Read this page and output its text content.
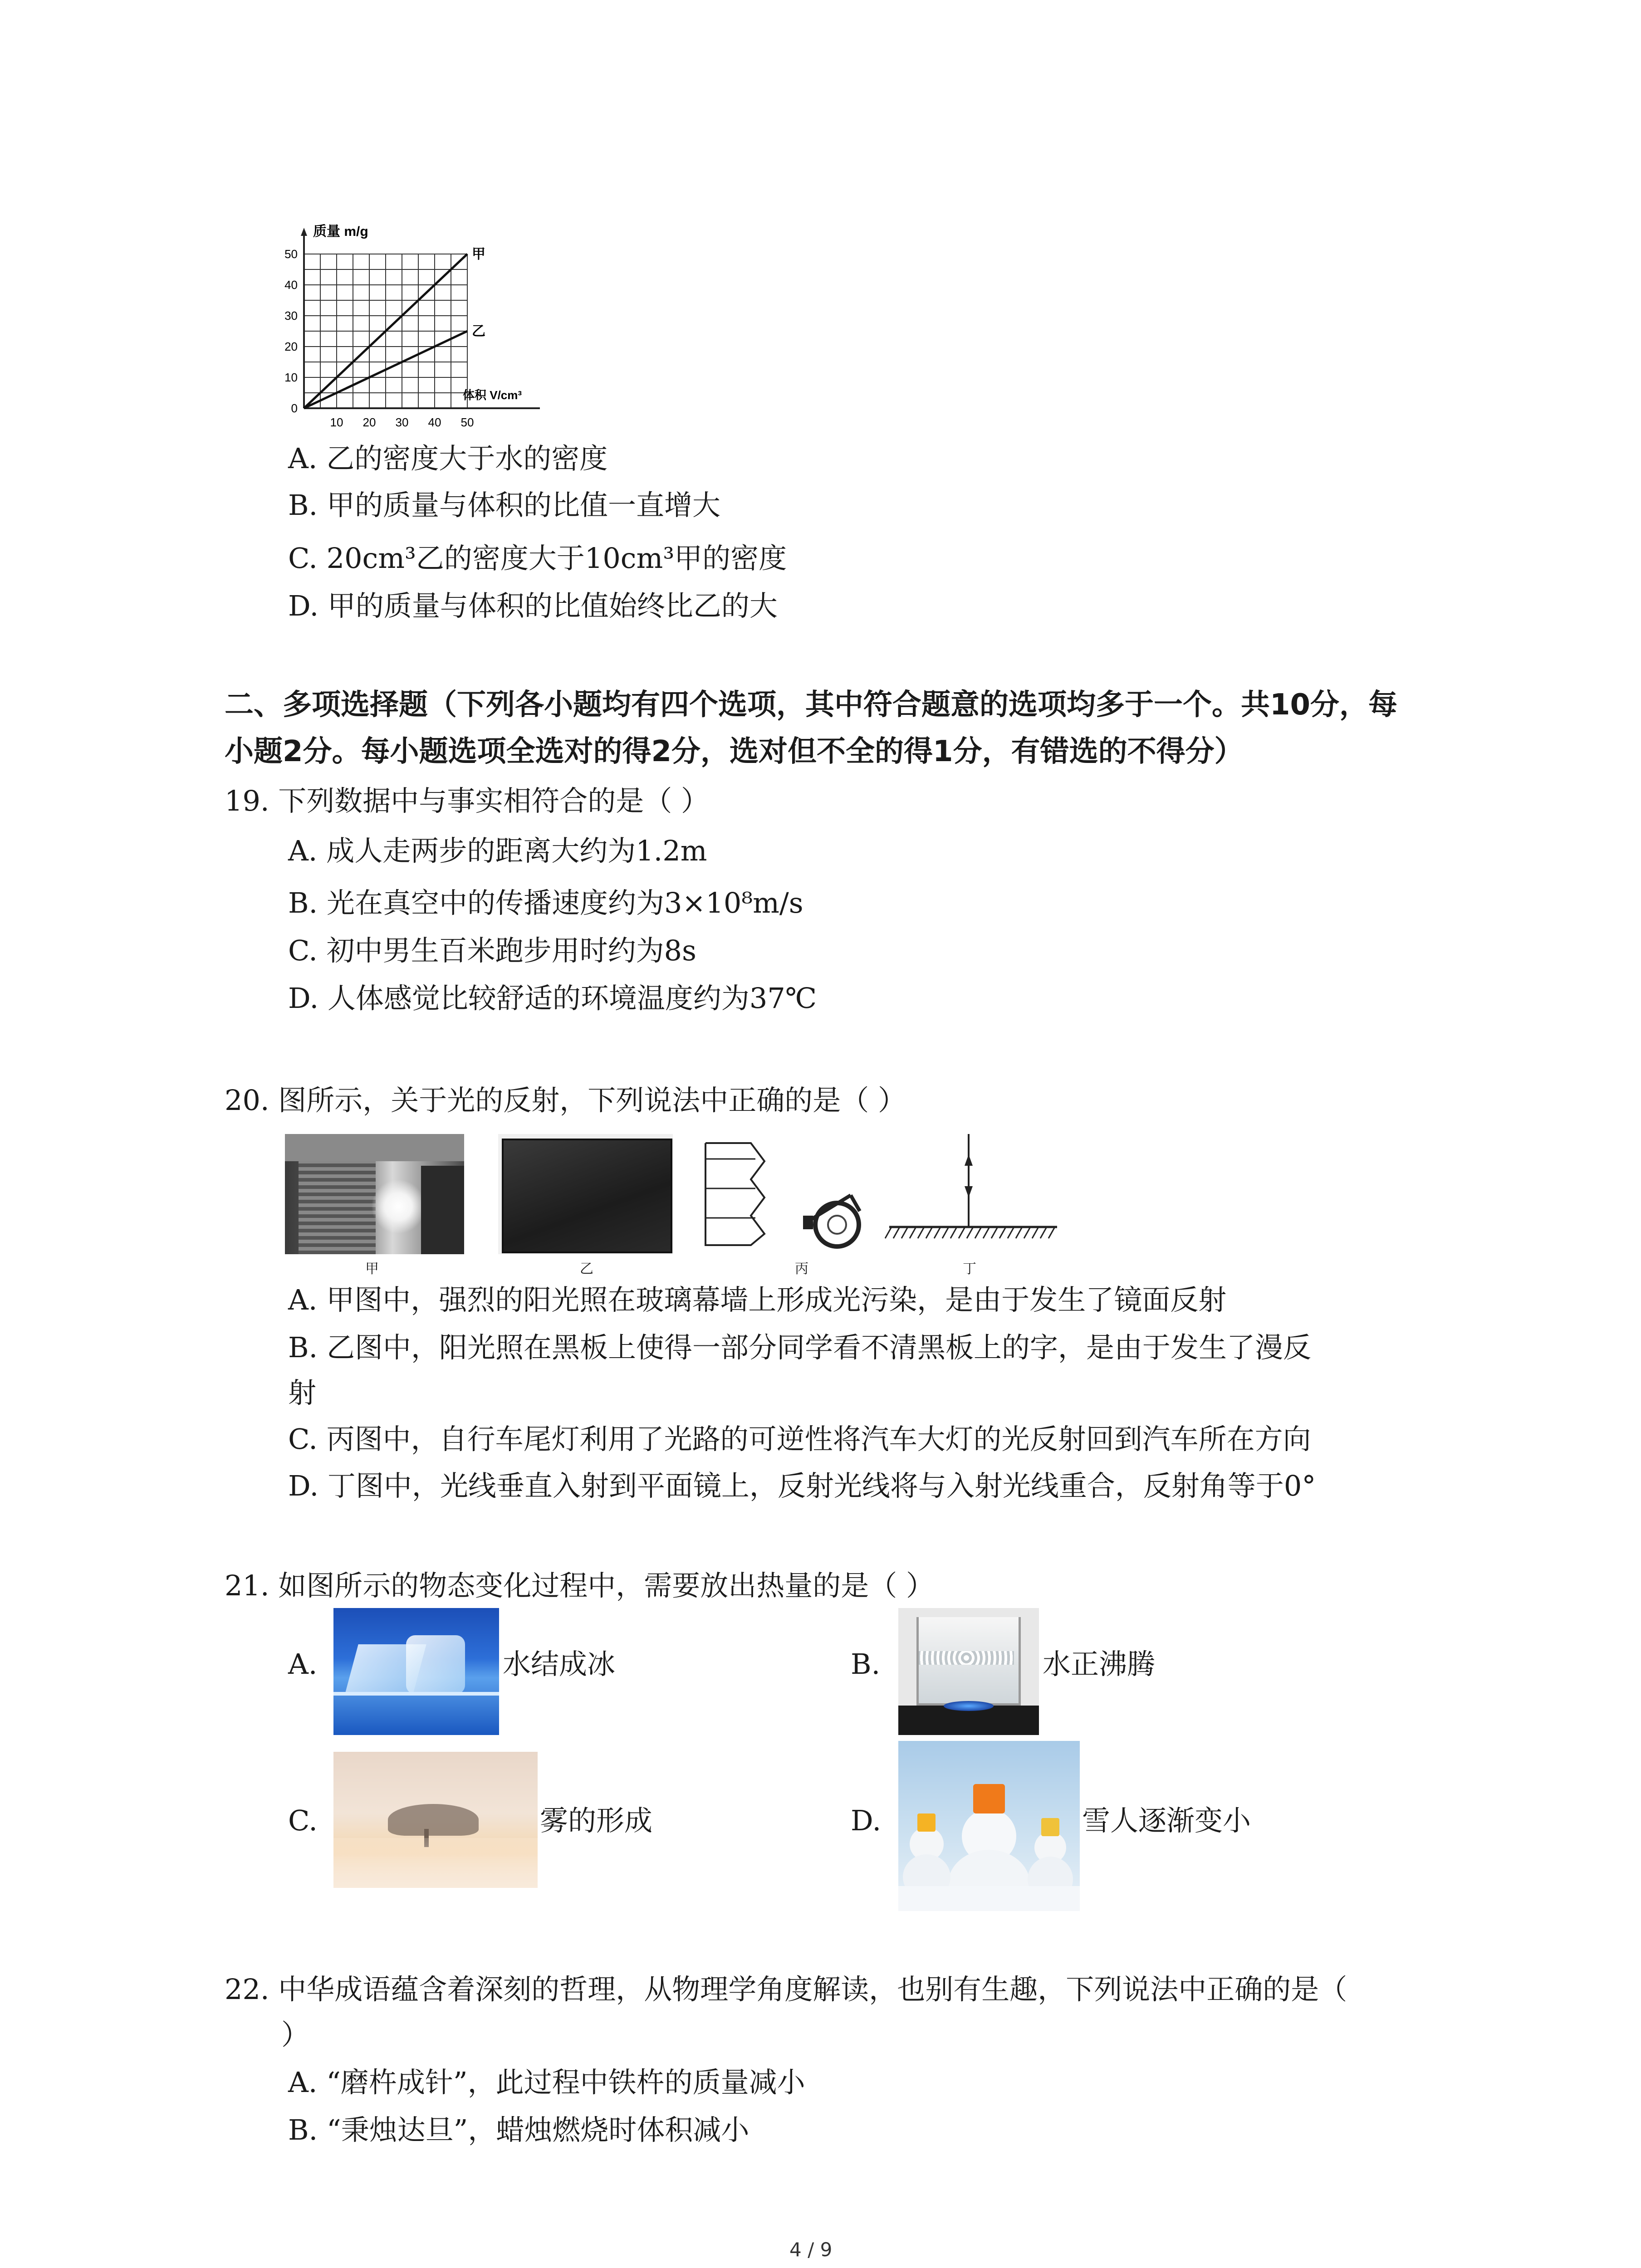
质量 m/g
体积 V/cm³
50
40
30
20
10
0
10 20 30 40 50
甲
乙
A. 乙的密度大于水的密度
B. 甲的质量与体积的比值一直增大
C. 20cm³乙的密度大于10cm³甲的密度
D. 甲的质量与体积的比值始终比乙的大
二、多项选择题（下列各小题均有四个选项，其中符合题意的选项均多于一个。共10分，每
小题2分。每小题选项全选对的得2分，选对但不全的得1分，有错选的不得分）
19. 下列数据中与事实相符合的是（ ）
A. 成人走两步的距离大约为1.2m
B. 光在真空中的传播速度约为3×10⁸m/s
C. 初中男生百米跑步用时约为8s
D. 人体感觉比较舒适的环境温度约为37℃
20. 图所示，关于光的反射，下列说法中正确的是（ ）
甲	乙	丙	丁
A. 甲图中，强烈的阳光照在玻璃幕墙上形成光污染，是由于发生了镜面反射
B. 乙图中，阳光照在黑板上使得一部分同学看不清黑板上的字，是由于发生了漫反
射
C. 丙图中，自行车尾灯利用了光路的可逆性将汽车大灯的光反射回到汽车所在方向
D. 丁图中，光线垂直入射到平面镜上，反射光线将与入射光线重合，反射角等于0°
21. 如图所示的物态变化过程中，需要放出热量的是（ ）
A.	水结成冰	B.	水正沸腾
C.	雾的形成	D.	雪人逐渐变小
22. 中华成语蕴含着深刻的哲理，从物理学角度解读，也别有生趣，下列说法中正确的是（
）
A. “磨杵成针”，此过程中铁杵的质量减小
B. “秉烛达旦”，蜡烛燃烧时体积减小
4 / 9
